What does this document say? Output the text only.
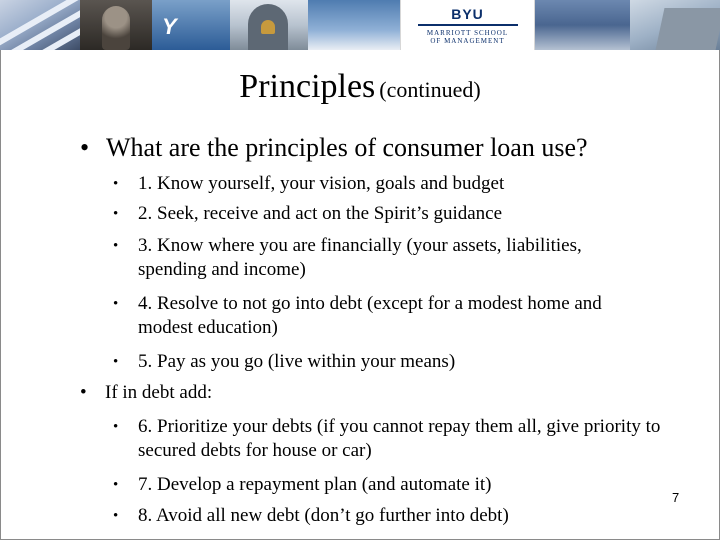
Y	BYU
MARRIOTT SCHOOL
OF MANAGEMENT
Principles (continued)
• What are the principles of consumer loan use?
• 1. Know yourself, your vision, goals and budget
• 2. Seek, receive and act on the Spirit’s guidance
• 3. Know where you are financially (your assets, liabilities, spending and income)
• 4. Resolve to not go into debt (except for a modest home and modest education)
• 5. Pay as you go (live within your means)
• If in debt add:
• 6. Prioritize your debts (if you cannot repay them all, give priority to secured debts for house or car)
• 7. Develop a repayment plan (and automate it)
• 8. Avoid all new debt (don’t go further into debt)
7
